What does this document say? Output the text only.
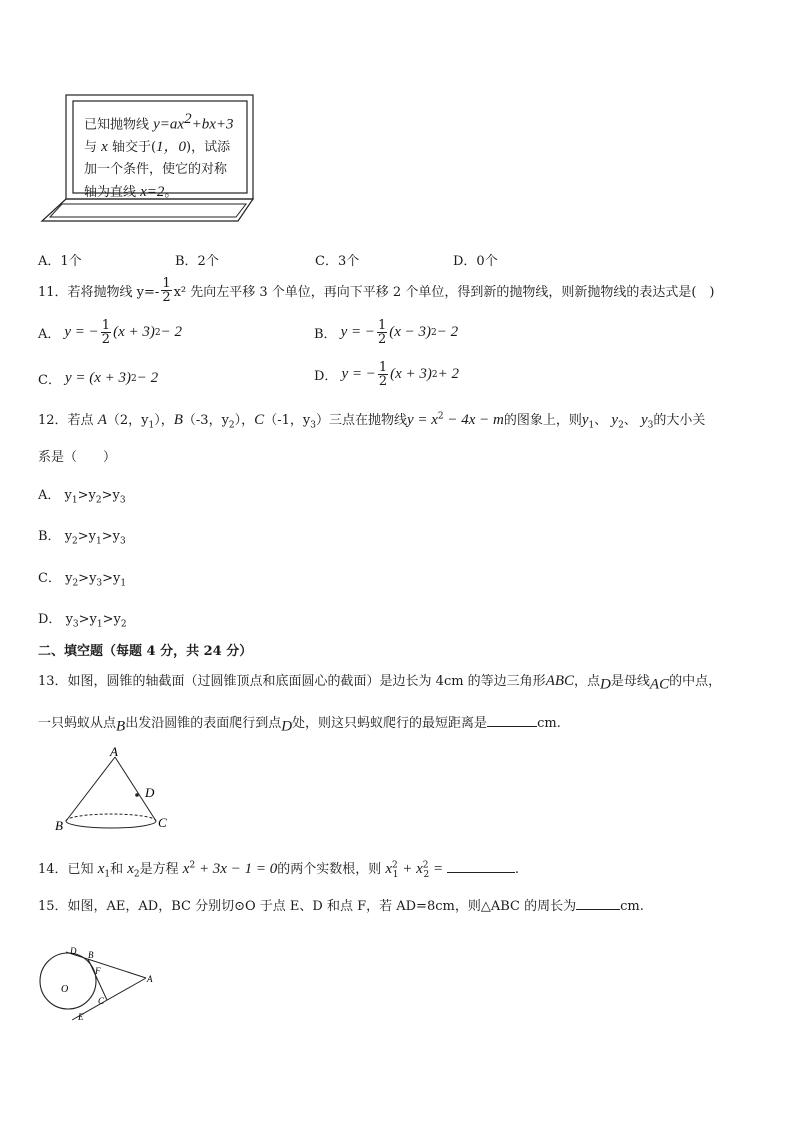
已知抛物线 $y=ax^2+bx+3$
与 x 轴交于(1，0)，试添
加一个条件，使它的对称
轴为直线 x=2。
A．1个	B．2个	C．3个	D．0个
11．若将抛物线 $y=- \frac{1}{2} x^2$ 先向左平移 3 个单位，再向下平移 2 个单位，得到新的抛物线，则新抛物线的表达式是(　)
A． y = − $\frac{1}{2} (x + 3) 2 - 2$	B． y = − $\frac{1}{2} (x - 3) 2 - 2$
C． y = (x + 3) 2 − 2	D． y = − $\frac{1}{2} (x + 3) 2 + 2$
12．若点 A（2，$y_1$），B（-3，$y_2$），C（-1，$y_3$）三点在抛物线$y = x^2 - 4x - m$的图象上，则$y_1$、 $y_2$、 $y_3$的大小关
系是（　　）
A． $y_1>y_2>y_3$
B． $y_2>y_1>y_3$
C． $y_2>y_3>y_1$
D． $y_3>y_1>y_2$
二、填空题（每题 4 分，共 24 分）
13．如图，圆锥的轴截面（过圆锥顶点和底面圆心的截面）是边长为 4cm 的等边三角形ABC，点$_D$是母线$_{AC}$的中点，
一只蚂蚁从点$_B$出发沿圆锥的表面爬行到点$_D$处，则这只蚂蚁爬行的最短距离是	cm.
A
D
B	C
14．已知 $x_1$和 $x_2$是方程 $x^2 + 3x - 1 = 0$的两个实数根，则 $x^2_1 + x^2_2$ =	.
15．如图，AE，AD，BC 分别切⊙O 于点 E、D 和点 F，若 AD=8cm，则△ABC 的周长为	cm.
D B
F
A
O
C
E
